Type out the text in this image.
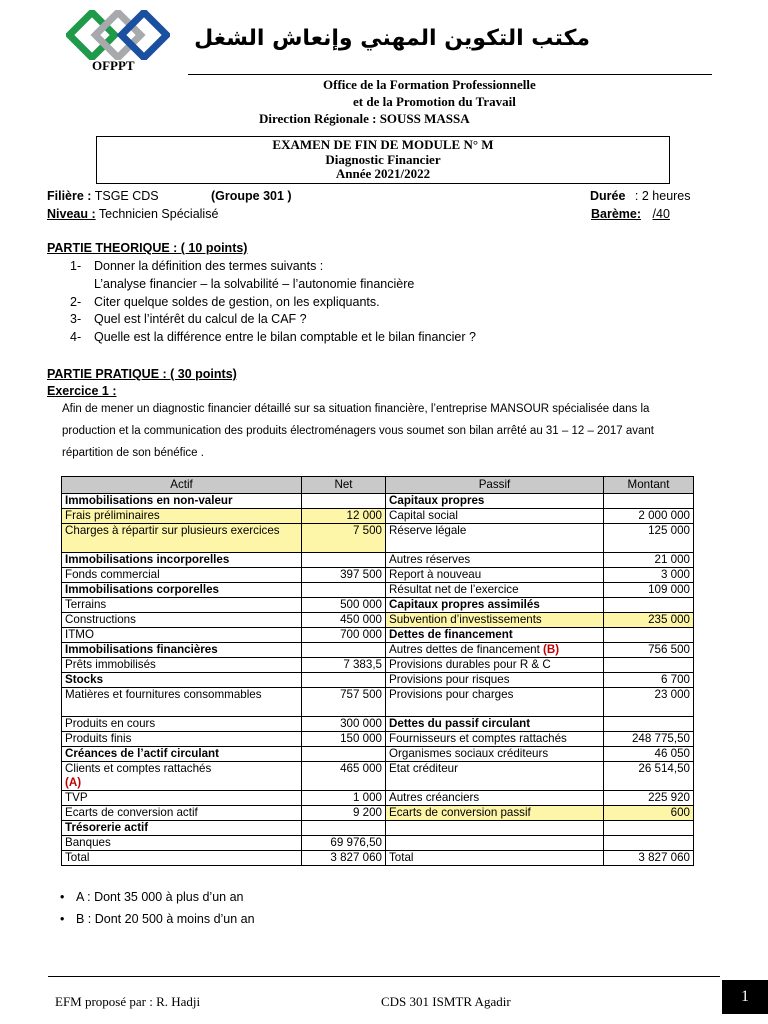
OFPPT
مكتب التكوين المهني وإنعاش الشغل
Office de la Formation Professionnelle
et de la Promotion du Travail
Direction Régionale : SOUSS MASSA
EXAMEN DE FIN DE MODULE N° M
Diagnostic Financier
Année 2021/2022
Filière : TSGE CDS	(Groupe 301 )	Durée : 2 heures
Niveau : Technicien Spécialisé	Barème: /40
PARTIE THEORIQUE : ( 10 points)
1- Donner la définition des termes suivants :
L’analyse financier – la solvabilité – l’autonomie financière
2- Citer quelque soldes de gestion, on les expliquants.
3- Quel est l’intérêt du calcul de la CAF ?
4- Quelle est la différence entre le bilan comptable et le bilan financier ?
PARTIE PRATIQUE : ( 30 points)
Exercice 1 :
Afin de mener un diagnostic financier détaillé sur sa situation financière, l’entreprise MANSOUR spécialisée dans la
production et la communication des produits électroménagers vous soumet son bilan arrêté au 31 – 12 – 2017 avant
répartition de son bénéfice .
Actif	Net	Passif	Montant
Immobilisations en non-valeur		Capitaux propres	
Frais préliminaires	12 000	Capital social	2 000 000
Charges à répartir sur plusieurs exercices	7 500	Réserve légale	125 000
Immobilisations incorporelles		Autres réserves	21 000
Fonds commercial	397 500	Report à nouveau	3 000
Immobilisations corporelles		Résultat net de l’exercice	109 000
Terrains	500 000	Capitaux propres assimilés	
Constructions	450 000	Subvention d’investissements	235 000
ITMO	700 000	Dettes de financement	
Immobilisations financières		Autres dettes de financement (B)	756 500
Prêts immobilisés	7 383,5	Provisions durables pour R & C	
Stocks		Provisions pour risques	6 700
Matières et fournitures consommables	757 500	Provisions pour charges	23 000
Produits en cours	300 000	Dettes du passif circulant	
Produits finis	150 000	Fournisseurs et comptes rattachés	248 775,50
Créances de l’actif circulant		Organismes sociaux créditeurs	46 050
Clients et comptes rattachés
(A)	465 000	Etat créditeur	26 514,50
TVP	1 000	Autres créanciers	225 920
Ecarts de conversion actif	9 200	Ecarts de conversion passif	600
Trésorerie actif			
Banques	69 976,50		
Total	3 827 060	Total	3 827 060
• A : Dont 35 000 à plus d’un an
• B : Dont 20 500 à moins d’un an
EFM proposé par : R. Hadji	CDS 301 ISMTR Agadir	1
